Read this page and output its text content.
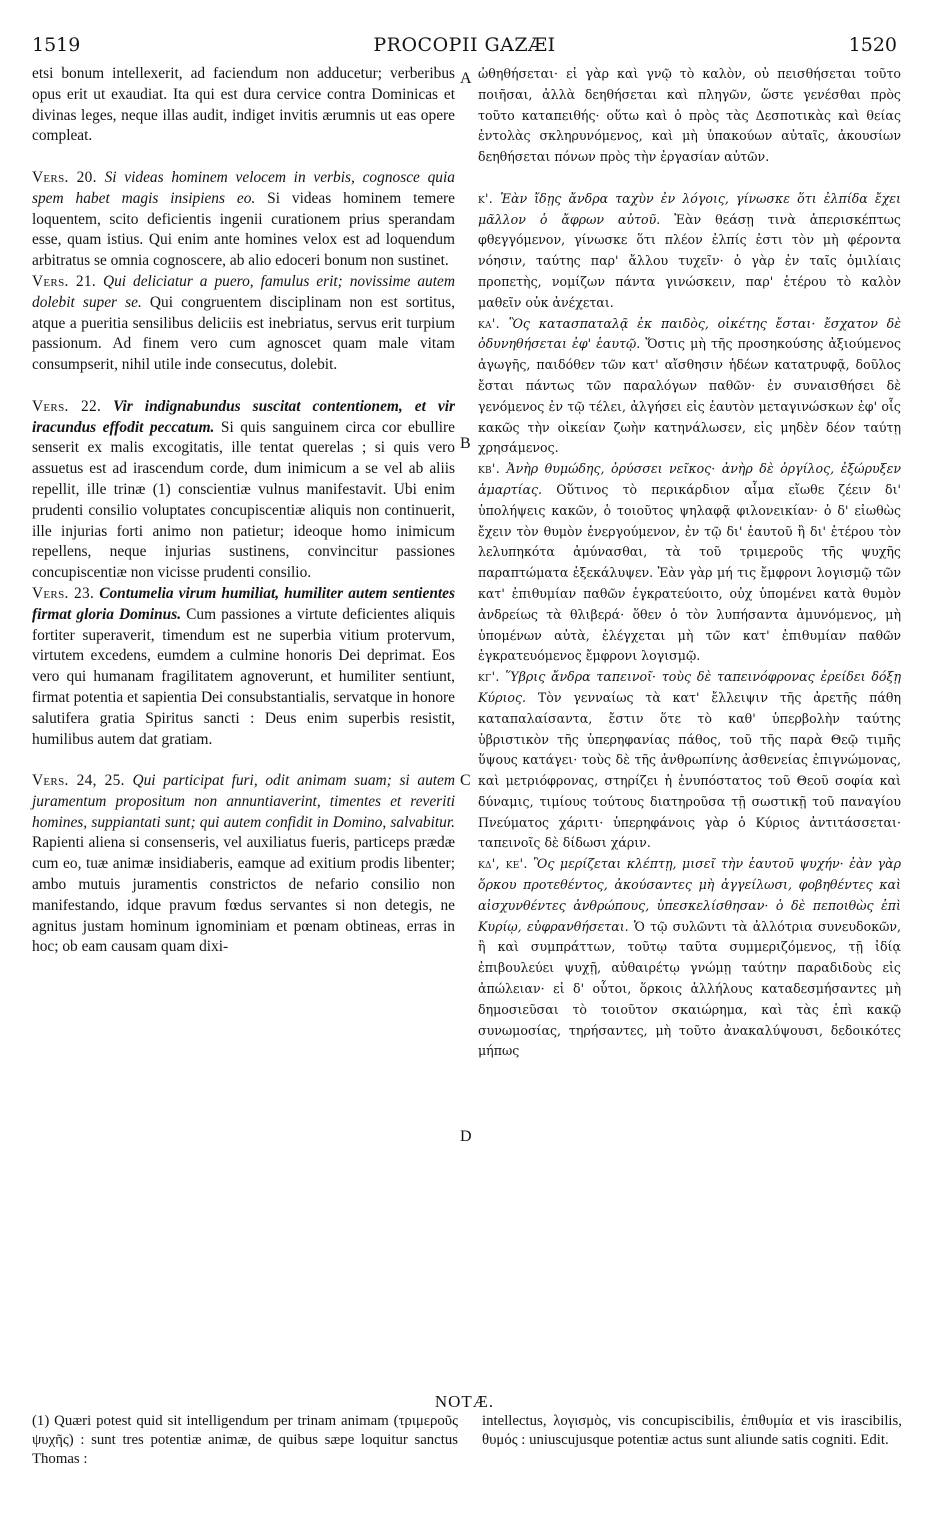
1519	PROCOPII GAZÆI	1520
A
B
C
D
etsi bonum intellexerit, ad faciendum non adducetur; verberibus opus erit ut exaudiat. Ita qui est dura cervice contra Dominicas et divinas leges, neque illas audit, indiget invitis ærumnis ut eas opere compleat.
Vers. 20. Si videas hominem velocem in verbis, cognosce quia spem habet magis insipiens eo. Si videas hominem temere loquentem, scito deficientis ingenii curationem prius sperandam esse, quam istius. Qui enim ante homines velox est ad loquendum arbitratus se omnia cognoscere, ab alio edoceri bonum non sustinet.
Vers. 21. Qui deliciatur a puero, famulus erit; novissime autem dolebit super se. Qui congruentem disciplinam non est sortitus, atque a pueritia sensilibus deliciis est inebriatus, servus erit turpium passionum. Ad finem vero cum agnoscet quam male vitam consumpserit, nihil utile inde consecutus, dolebit.
Vers. 22. Vir indignabundus suscitat contentionem, et vir iracundus effodit peccatum. Si quis sanguinem circa cor ebullire senserit ex malis excogitatis, ille tentat querelas ; si quis vero assuetus est ad irascendum corde, dum inimicum a se vel ab aliis repellit, ille trinæ (1) conscientiæ vulnus manifestavit. Ubi enim prudenti consilio voluptates concupiscentiæ aliquis non continuerit, ille injurias forti animo non patietur; ideoque homo inimicum repellens, neque injurias sustinens, convincitur passiones concupiscentiæ non vicisse prudenti consilio.
Vers. 23. Contumelia virum humiliat, humiliter autem sentientes firmat gloria Dominus. Cum passiones a virtute deficientes aliquis fortiter superaverit, timendum est ne superbia vitium protervum, virtutem excedens, eumdem a culmine honoris Dei deprimat. Eos vero qui humanam fragilitatem agnoverunt, et humiliter sentiunt, firmat potentia et sapientia Dei consubstantialis, servatque in honore salutifera gratia Spiritus sancti : Deus enim superbis resistit, humilibus autem dat gratiam.
Vers. 24, 25. Qui participat furi, odit animam suam; si autem juramentum propositum non annuntiaverint, timentes et reveriti homines, suppiantati sunt; qui autem confidit in Domino, salvabitur. Rapienti aliena si consenseris, vel auxiliatus fueris, particeps prædæ cum eo, tuæ animæ insidiaberis, eamque ad exitium prodis libenter; ambo mutuis juramentis constrictos de nefario consilio non manifestando, idque pravum fœdus servantes si non detegis, ne agnitus justam hominum ignominiam et pœnam obtineas, erras in hoc; ob eam causam quam dixi-
ὠθηθήσεται· εἰ γὰρ καὶ γνῷ τὸ καλὸν, οὐ πεισθήσεται τοῦτο ποιῆσαι, ἀλλὰ δεηθήσεται καὶ πληγῶν, ὥστε γενέσθαι πρὸς τοῦτο καταπειθής· οὕτω καὶ ὁ πρὸς τὰς Δεσποτικὰς καὶ θείας ἐντολὰς σκληρυνόμενος, καὶ μὴ ὑπακούων αὐταῖς, ἀκουσίων δεηθήσεται πόνων πρὸς τὴν ἐργασίαν αὐτῶν.
κ'. Ἐὰν ἴδῃς ἄνδρα ταχὺν ἐν λόγοις, γίνωσκε ὅτι ἐλπίδα ἔχει μᾶλλον ὁ ἄφρων αὐτοῦ. Ἐὰν θεάσῃ τινὰ ἀπερισκέπτως φθεγγόμενον, γίνωσκε ὅτι πλέον ἐλπίς ἐστι τὸν μὴ φέροντα νόησιν, ταύτης παρ' ἄλλου τυχεῖν· ὁ γὰρ ἐν ταῖς ὁμιλίαις προπετὴς, νομίζων πάντα γινώσκειν, παρ' ἑτέρου τὸ καλὸν μαθεῖν οὐκ ἀνέχεται.
κα'. Ὃς κατασπαταλᾷ ἐκ παιδὸς, οἰκέτης ἔσται· ἔσχατον δὲ ὀδυνηθήσεται ἐφ' ἑαυτῷ. Ὅστις μὴ τῆς προσηκούσης ἀξιούμενος ἀγωγῆς, παιδόθεν τῶν κατ' αἴσθησιν ἡδέων κατατρυφᾷ, δοῦλος ἔσται πάντως τῶν παραλόγων παθῶν· ἐν συναισθήσει δὲ γενόμενος ἐν τῷ τέλει, ἀλγήσει εἰς ἑαυτὸν μεταγινώσκων ἐφ' οἷς κακῶς τὴν οἰκείαν ζωὴν κατηνάλωσεν, εἰς μηδὲν δέον ταύτῃ χρησάμενος.
κβ'. Ἀνὴρ θυμώδης, ὀρύσσει νεῖκος· ἀνὴρ δὲ ὀργίλος, ἐξώρυξεν ἁμαρτίας. Οὕτινος τὸ περικάρδιον αἷμα εἴωθε ζέειν δι' ὑπολήψεις κακῶν, ὁ τοιοῦτος ψηλαφᾷ φιλονεικίαν· ὁ δ' εἰωθὼς ἔχειν τὸν θυμὸν ἐνεργούμενον, ἐν τῷ δι' ἑαυτοῦ ἢ δι' ἑτέρου τὸν λελυπηκότα ἀμύνασθαι, τὰ τοῦ τριμεροῦς τῆς ψυχῆς παραπτώματα ἐξεκάλυψεν. Ἐὰν γὰρ μή τις ἔμφρονι λογισμῷ τῶν κατ' ἐπιθυμίαν παθῶν ἐγκρατεύοιτο, οὐχ ὑπομένει κατὰ θυμὸν ἀνδρείως τὰ θλιβερά· ὅθεν ὁ τὸν λυπήσαντα ἀμυνόμενος, μὴ ὑπομένων αὐτὰ, ἐλέγχεται μὴ τῶν κατ' ἐπιθυμίαν παθῶν ἐγκρατευόμενος ἔμφρονι λογισμῷ.
κγ'. Ὕβρις ἄνδρα ταπεινοῖ· τοὺς δὲ ταπεινόφρονας ἐρείδει δόξῃ Κύριος. Τὸν γενναίως τὰ κατ' ἔλλειψιν τῆς ἀρετῆς πάθη καταπαλαίσαντα, ἔστιν ὅτε τὸ καθ' ὑπερβολὴν ταύτης ὑβριστικὸν τῆς ὑπερηφανίας πάθος, τοῦ τῆς παρὰ Θεῷ τιμῆς ὕψους κατάγει· τοὺς δὲ τῆς ἀνθρωπίνης ἀσθενείας ἐπιγνώμονας, καὶ μετριόφρονας, στηρίζει ἡ ἐνυπόστατος τοῦ Θεοῦ σοφία καὶ δύναμις, τιμίους τούτους διατηροῦσα τῇ σωστικῇ τοῦ παναγίου Πνεύματος χάριτι· ὑπερηφάνοις γὰρ ὁ Κύριος ἀντιτάσσεται· ταπεινοῖς δὲ δίδωσι χάριν.
κδ', κε'. Ὃς μερίζεται κλέπτῃ, μισεῖ τὴν ἑαυτοῦ ψυχήν· ἐὰν γὰρ ὅρκου προτεθέντος, ἀκούσαντες μὴ ἀγγείλωσι, φοβηθέντες καὶ αἰσχυνθέντες ἀνθρώπους, ὑπεσκελίσθησαν· ὁ δὲ πεποιθὼς ἐπὶ Κυρίῳ, εὐφρανθήσεται. Ὁ τῷ συλῶντι τὰ ἀλλότρια συνευδοκῶν, ἢ καὶ συμπράττων, τοῦτῳ ταῦτα συμμεριζόμενος, τῇ ἰδίᾳ ἐπιβουλεύει ψυχῇ, αὐθαιρέτῳ γνώμῃ ταύτην παραδιδοὺς εἰς ἀπώλειαν· εἰ δ' οὗτοι, ὅρκοις ἀλλήλους καταδεσμήσαντες μὴ δημοσιεῦσαι τὸ τοιοῦτον σκαιώρημα, καὶ τὰς ἐπὶ κακῷ συνωμοσίας, τηρήσαντες, μὴ τοῦτο ἀνακαλύψουσι, δεδοικότες μήπως
NOTÆ.
(1) Quæri potest quid sit intelligendum per trinam animam (τριμεροῦς ψυχῆς) : sunt tres potentiæ animæ, de quibus sæpe loquitur sanctus Thomas :
intellectus, λογισμὸς, vis concupiscibilis, ἐπιθυμία et vis irascibilis, θυμός : uniuscujusque potentiæ actus sunt aliunde satis cogniti. Edit.
